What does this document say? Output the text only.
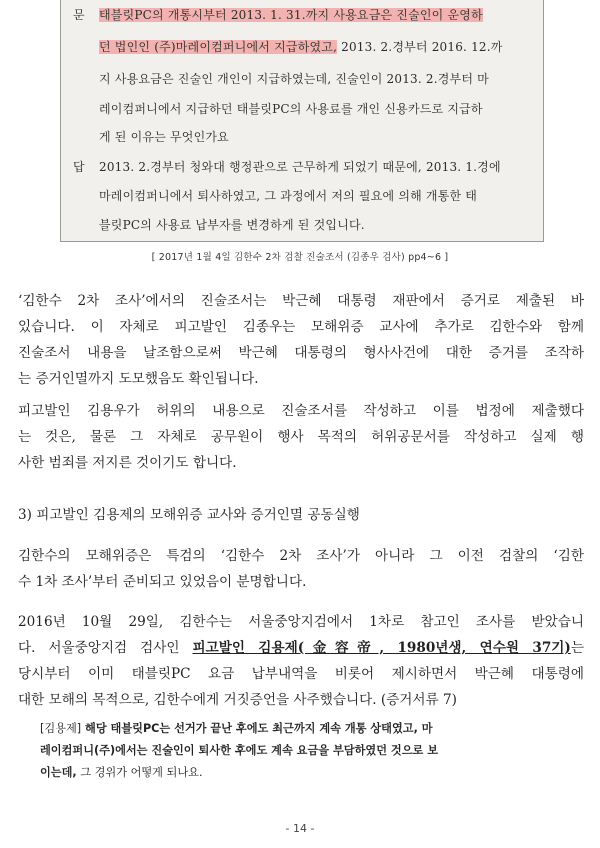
문 태블릿PC의 개통시부터 2013. 1. 31.까지 사용요금은 진술인이 운영하
던 법인인 (주)마레이컴퍼니에서 지급하였고, 2013. 2.경부터 2016. 12.까
지 사용요금은 진술인 개인이 지급하였는데, 진술인이 2013. 2.경부터 마
레이컴퍼니에서 지급하던 태블릿PC의 사용료를 개인 신용카드로 지급하
게 된 이유는 무엇인가요
답 2013. 2.경부터 청와대 행정관으로 근무하게 되었기 때문에, 2013. 1.경에
마레이컴퍼니에서 퇴사하였고, 그 과정에서 저의 필요에 의해 개통한 태
블릿PC의 사용료 납부자를 변경하게 된 것입니다.
[ 2017년 1월 4일 김한수 2차 검찰 진술조서 (김종우 검사) pp4~6 ]
‘김한수 2차 조사’에서의 진술조서는 박근혜 대통령 재판에서 증거로 제출된 바
있습니다. 이 자체로 피고발인 김종우는 모해위증 교사에 추가로 김한수와 함께
진술조서 내용을 날조함으로써 박근혜 대통령의 형사사건에 대한 증거를 조작하
는 증거인멸까지 도모했음도 확인됩니다.
피고발인 김용우가 허위의 내용으로 진술조서를 작성하고 이를 법정에 제출했다
는 것은, 물론 그 자체로 공무원이 행사 목적의 허위공문서를 작성하고 실제 행
사한 범죄를 저지른 것이기도 합니다.
3) 피고발인 김용제의 모해위증 교사와 증거인멸 공동실행
김한수의 모해위증은 특검의 ‘김한수 2차 조사’가 아니라 그 이전 검찰의 ‘김한
수 1차 조사’부터 준비되고 있었음이 분명합니다.
2016년 10월 29일, 김한수는 서울중앙지검에서 1차로 참고인 조사를 받았습니
다. 서울중앙지검 검사인 피고발인 김용제(金容帝, 1980년생, 연수원 37기)는
당시부터 이미 태블릿PC 요금 납부내역을 비롯어 제시하면서 박근혜 대통령에
대한 모해의 목적으로, 김한수에게 거짓증언을 사주했습니다. (증거서류 7)
[김용제] 해당 태블릿PC는 선거가 끝난 후에도 최근까지 계속 개통 상태였고, 마
레이컴퍼니(주)에서는 진술인이 퇴사한 후에도 계속 요금을 부담하였던 것으로 보
이는데, 그 경위가 어떻게 되나요.
- 14 -
